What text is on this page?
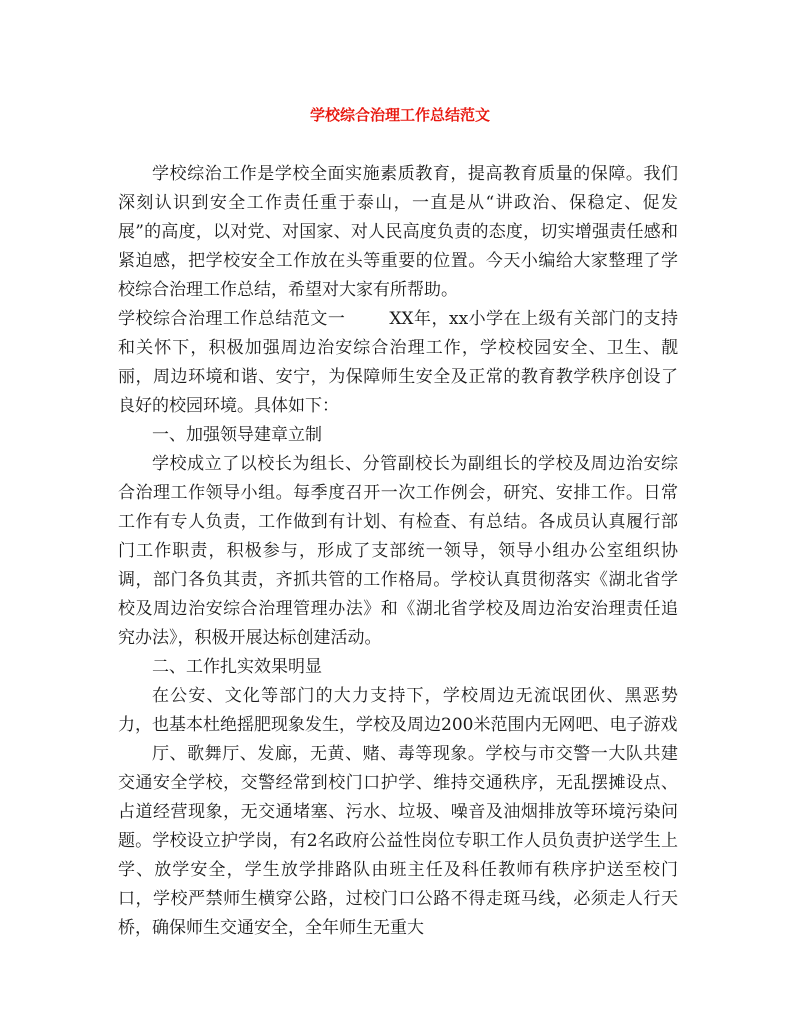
学校综合治理工作总结范文

学校综治工作是学校全面实施素质教育，提高教育质量的保障。我们深刻认识到安全工作责任重于泰山，一直是从“讲政治、保稳定、促发展”的高度，以对党、对国家、对人民高度负责的态度，切实增强责任感和紧迫感，把学校安全工作放在头等重要的位置。今天小编给大家整理了学校综合治理工作总结，希望对大家有所帮助。

学校综合治理工作总结范文一	XX年，xx小学在上级有关部门的支持和关怀下，积极加强周边治安综合治理工作，学校校园安全、卫生、靓丽，周边环境和谐、安宁，为保障师生安全及正常的教育教学秩序创设了良好的校园环境。具体如下：

一、加强领导建章立制

学校成立了以校长为组长、分管副校长为副组长的学校及周边治安综合治理工作领导小组。每季度召开一次工作例会，研究、安排工作。日常工作有专人负责，工作做到有计划、有检查、有总结。各成员认真履行部门工作职责，积极参与，形成了支部统一领导，领导小组办公室组织协调，部门各负其责，齐抓共管的工作格局。学校认真贯彻落实《湖北省学校及周边治安综合治理管理办法》和《湖北省学校及周边治安治理责任追究办法》，积极开展达标创建活动。

二、工作扎实效果明显

在公安、文化等部门的大力支持下，学校周边无流氓团伙、黑恶势力，也基本杜绝摇肥现象发生，学校及周边200米范围内无网吧、电子游戏

厅、歌舞厅、发廊，无黄、赌、毒等现象。学校与市交警一大队共建交通安全学校，交警经常到校门口护学、维持交通秩序，无乱摆摊设点、占道经营现象，无交通堵塞、污水、垃圾、噪音及油烟排放等环境污染问题。学校设立护学岗，有2名政府公益性岗位专职工作人员负责护送学生上学、放学安全，学生放学排路队由班主任及科任教师有秩序护送至校门口，学校严禁师生横穿公路，过校门口公路不得走斑马线，必须走人行天桥，确保师生交通安全，全年师生无重大
